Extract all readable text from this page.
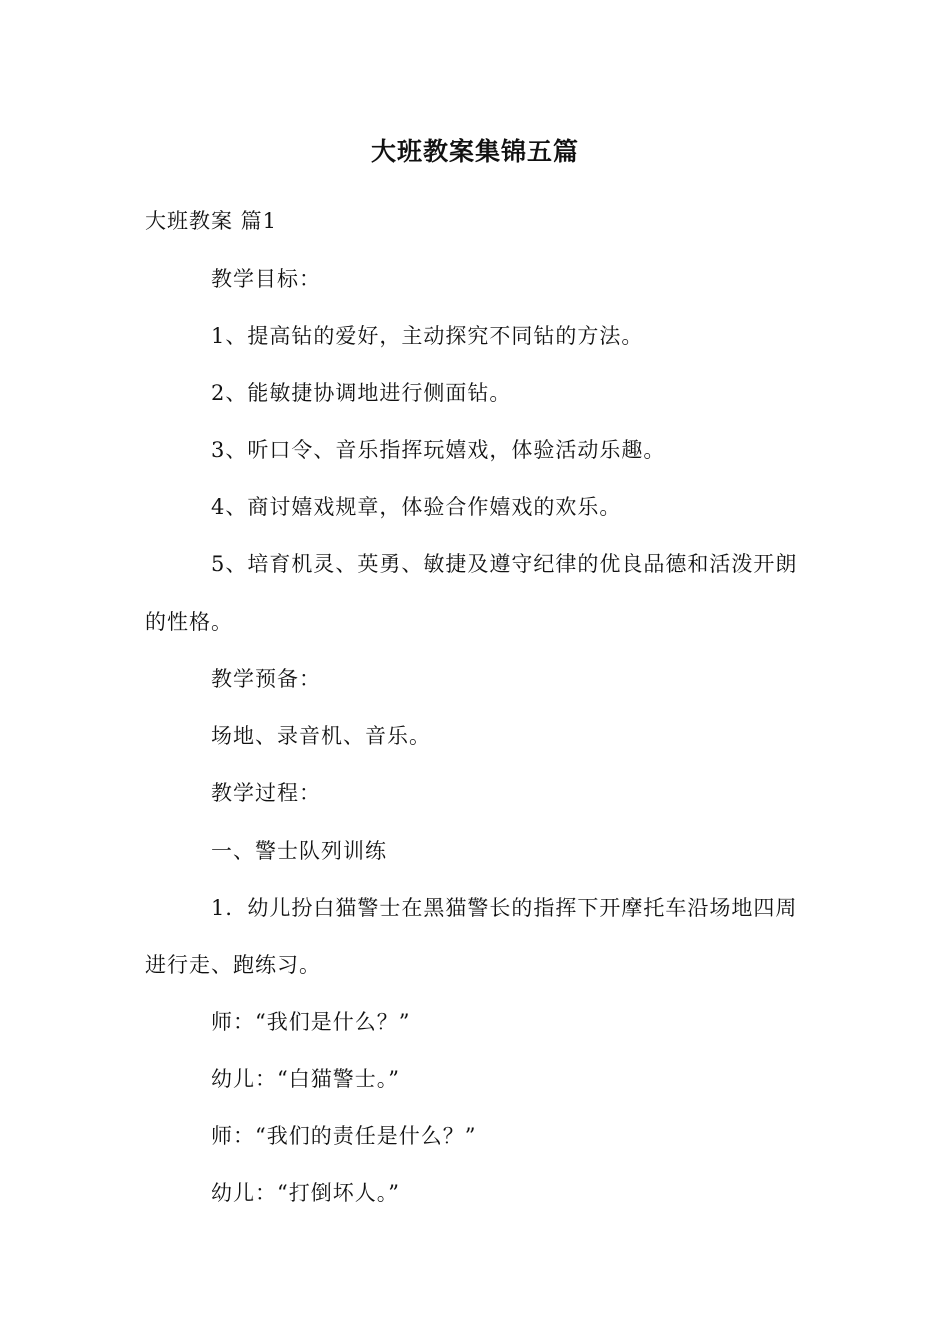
大班教案集锦五篇
大班教案 篇1
教学目标：
1、提高钻的爱好，主动探究不同钻的方法。
2、能敏捷协调地进行侧面钻。
3、听口令、音乐指挥玩嬉戏，体验活动乐趣。
4、商讨嬉戏规章，体验合作嬉戏的欢乐。
5、培育机灵、英勇、敏捷及遵守纪律的优良品德和活泼开朗
的性格。
教学预备：
场地、录音机、音乐。
教学过程：
一、警士队列训练
1．幼儿扮白猫警士在黑猫警长的指挥下开摩托车沿场地四周
进行走、跑练习。
师：“我们是什么？”
幼儿：“白猫警士。”
师：“我们的责任是什么？”
幼儿：“打倒坏人。”
